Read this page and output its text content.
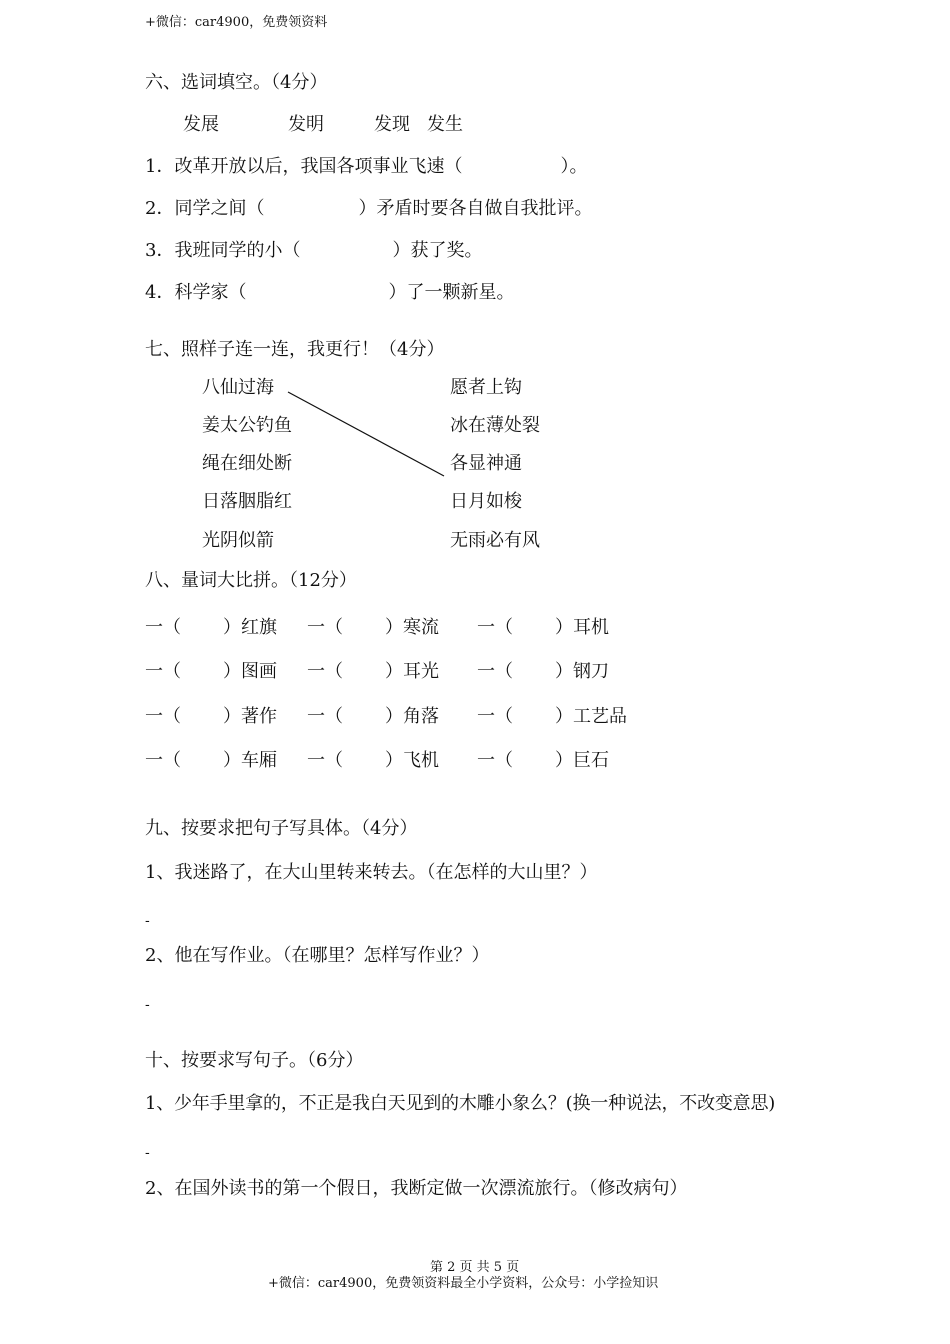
+微信：car4900，免费领资料
六、选词填空。（4分）
发展	发明	发现 发生
1．改革开放以后，我国各项事业飞速（	）。
2．同学之间（	）矛盾时要各自做自我批评。
3．我班同学的小（	）获了奖。
4．科学家（	）了一颗新星。
七、照样子连一连，我更行！（4分）
八仙过海
姜太公钓鱼
绳在细处断
日落胭脂红
光阴似箭
愿者上钩
冰在薄处裂
各显神通
日月如梭
无雨必有风
八、量词大比拼。（12分）
一（ ） 红旗 一（ ） 寒流 一（ ） 耳机
一（ ） 图画 一（ ） 耳光 一（ ） 钢刀
一（ ） 著作 一（ ） 角落 一（ ） 工艺品
一（ ） 车厢 一（ ） 飞机 一（ ） 巨石
九、按要求把句子写具体。（4分）
1、我迷路了，在大山里转来转去。（在怎样的大山里？）
-
2、他在写作业。（在哪里？怎样写作业？）
-
十、按要求写句子。（6分）
1、少年手里拿的，不正是我白天见到的木雕小象么？(换一种说法，不改变意思)
-
2、在国外读书的第一个假日，我断定做一次漂流旅行。（修改病句）
第 2 页 共 5 页
+微信：car4900，免费领资料最全小学资料，公众号：小学捡知识
